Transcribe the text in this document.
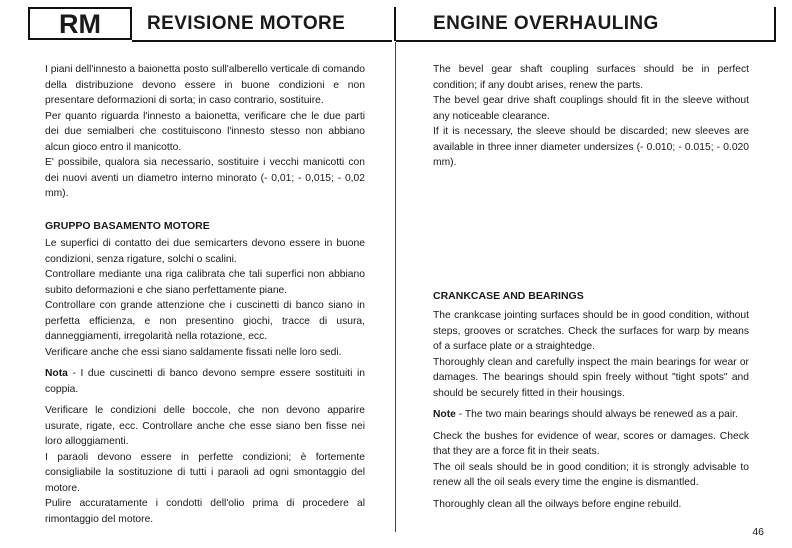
RM	REVISIONE MOTORE	ENGINE OVERHAULING

I piani dell'innesto a baionetta posto sull'alberello verticale di comando della distribuzione devono essere in buone condizioni e non presentare deformazioni di sorta; in caso contrario, sostituire.

Per quanto riguarda l'innesto a baionetta, verificare che le due parti dei due semialberi che costituiscono l'innesto stesso non abbiano alcun gioco entro il manicotto.

E' possibile, qualora sia necessario, sostituire i vecchi manicotti con dei nuovi aventi un diametro interno minorato (- 0,01; - 0,015; - 0,02 mm).

GRUPPO BASAMENTO MOTORE

Le superfici di contatto dei due semicarters devono essere in buone condizioni, senza rigature, solchi o scalini.

Controllare mediante una riga calibrata che tali superfici non abbiano subito deformazioni e che siano perfettamente piane.

Controllare con grande attenzione che i cuscinetti di banco siano in perfetta efficienza, e non presentino giochi, tracce di usura, danneggiamenti, irregolarità nella rotazione, ecc.

Verificare anche che essi siano saldamente fissati nelle loro sedi.

Nota - I due cuscinetti di banco devono sempre essere sostituiti in coppia.

Verificare le condizioni delle boccole, che non devono apparire usurate, rigate, ecc. Controllare anche che esse siano ben fisse nei loro alloggiamenti.

I paraoli devono essere in perfette condizioni; è fortemente consigliabile la sostituzione di tutti i paraoli ad ogni smontaggio del motore.

Pulire accuratamente i condotti dell'olio prima di procedere al rimontaggio del motore.

The bevel gear shaft coupling surfaces should be in perfect condition; if any doubt arises, renew the parts.

The bevel gear drive shaft couplings should fit in the sleeve without any noticeable clearance.

If it is necessary, the sleeve should be discarded; new sleeves are available in three inner diameter undersizes (- 0.010; - 0.015; - 0.020 mm).

CRANKCASE AND BEARINGS

The crankcase jointing surfaces should be in good condition, without steps, grooves or scratches. Check the surfaces for warp by means of a surface plate or a straightedge.

Thoroughly clean and carefully inspect the main bearings for wear or damages. The bearings should spin freely without "tight spots" and should be securely fitted in their housings.

Note - The two main bearings should always be renewed as a pair.

Check the bushes for evidence of wear, scores or damages. Check that they are a force fit in their seats.

The oil seals should be in good condition; it is strongly advisable to renew all the oil seals every time the engine is dismantled.

Thoroughly clean all the oilways before engine rebuild.

46
